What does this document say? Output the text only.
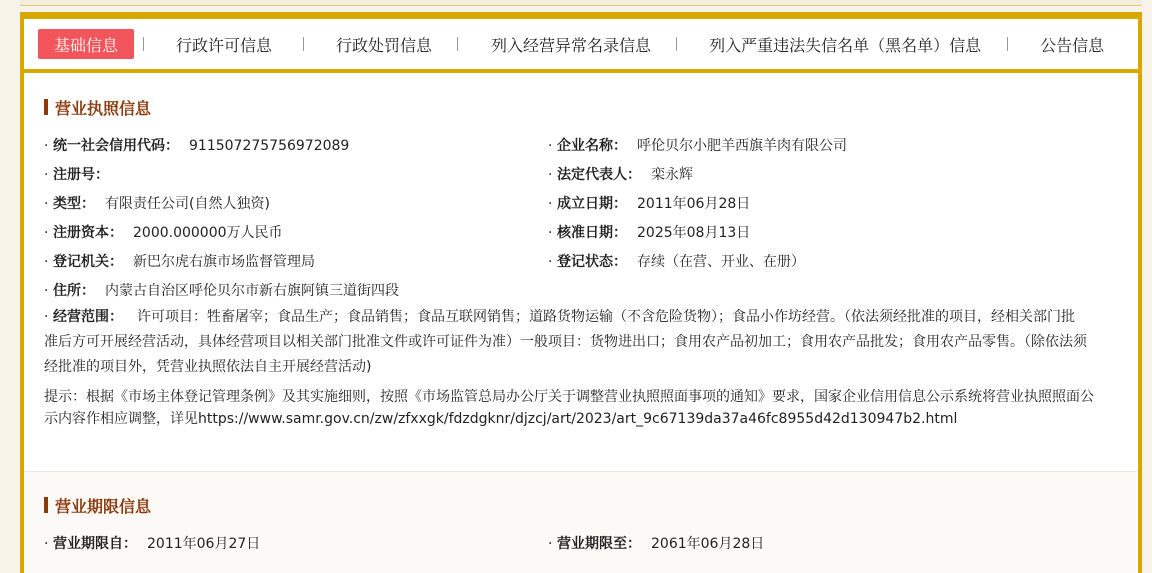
基础信息	行政许可信息	行政处罚信息	列入经营异常名录信息	列入严重违法失信名单（黑名单）信息	公告信息
营业执照信息
· 统一社会信用代码： 911507275756972089	· 企业名称： 呼伦贝尔小肥羊西旗羊肉有限公司
· 注册号：	· 法定代表人： 栾永辉
· 类型： 有限责任公司(自然人独资)	· 成立日期： 2011年06月28日
· 注册资本： 2000.000000万人民币	· 核准日期： 2025年08月13日
· 登记机关： 新巴尔虎右旗市场监督管理局	· 登记状态： 存续（在营、开业、在册）
· 住所： 内蒙古自治区呼伦贝尔市新右旗阿镇三道街四段
· 经营范围： 许可项目：牲畜屠宰；食品生产；食品销售；食品互联网销售；道路货物运输（不含危险货物）；食品小作坊经营。（依法须经批准的项目，经相关部门批
准后方可开展经营活动，具体经营项目以相关部门批准文件或许可证件为准）一般项目：货物进出口；食用农产品初加工；食用农产品批发；食用农产品零售。（除依法须
经批准的项目外，凭营业执照依法自主开展经营活动)
提示：根据《市场主体登记管理条例》及其实施细则，按照《市场监管总局办公厅关于调整营业执照照面事项的通知》要求，国家企业信用信息公示系统将营业执照照面公
示内容作相应调整，详见https://www.samr.gov.cn/zw/zfxxgk/fdzdgknr/djzcj/art/2023/art_9c67139da37a46fc8955d42d130947b2.html
营业期限信息
· 营业期限自： 2011年06月27日	· 营业期限至： 2061年06月28日
